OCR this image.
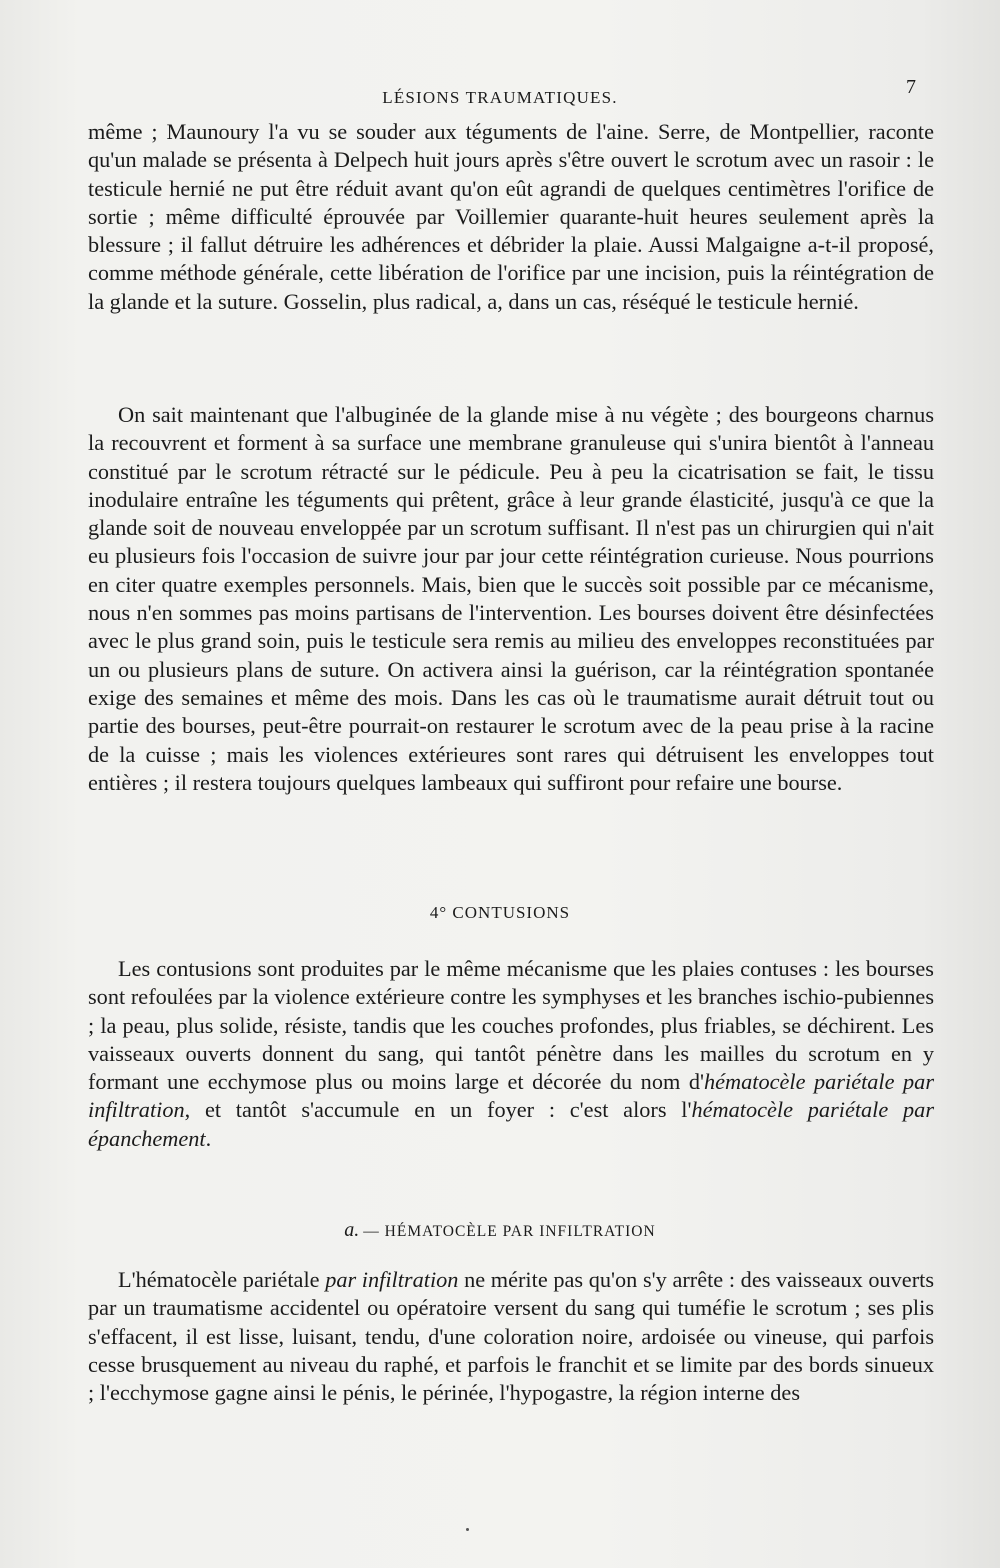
LÉSIONS TRAUMATIQUES.	7

même ; Maunoury l'a vu se souder aux téguments de l'aine. Serre, de Montpellier, raconte qu'un malade se présenta à Delpech huit jours après s'être ouvert le scrotum avec un rasoir : le testicule hernié ne put être réduit avant qu'on eût agrandi de quelques centimètres l'orifice de sortie ; même difficulté éprouvée par Voillemier quarante-huit heures seulement après la blessure ; il fallut détruire les adhérences et débrider la plaie. Aussi Malgaigne a-t-il proposé, comme méthode générale, cette libération de l'orifice par une incision, puis la réintégration de la glande et la suture. Gosselin, plus radical, a, dans un cas, réséqué le testicule hernié.

On sait maintenant que l'albuginée de la glande mise à nu végète ; des bourgeons charnus la recouvrent et forment à sa surface une membrane granuleuse qui s'unira bientôt à l'anneau constitué par le scrotum rétracté sur le pédicule. Peu à peu la cicatrisation se fait, le tissu inodulaire entraîne les téguments qui prêtent, grâce à leur grande élasticité, jusqu'à ce que la glande soit de nouveau enveloppée par un scrotum suffisant. Il n'est pas un chirurgien qui n'ait eu plusieurs fois l'occasion de suivre jour par jour cette réintégration curieuse. Nous pourrions en citer quatre exemples personnels. Mais, bien que le succès soit possible par ce mécanisme, nous n'en sommes pas moins partisans de l'intervention. Les bourses doivent être désinfectées avec le plus grand soin, puis le testicule sera remis au milieu des enveloppes reconstituées par un ou plusieurs plans de suture. On activera ainsi la guérison, car la réintégration spontanée exige des semaines et même des mois. Dans les cas où le traumatisme aurait détruit tout ou partie des bourses, peut-être pourrait-on restaurer le scrotum avec de la peau prise à la racine de la cuisse ; mais les violences extérieures sont rares qui détruisent les enveloppes tout entières ; il restera toujours quelques lambeaux qui suffiront pour refaire une bourse.

4° CONTUSIONS

Les contusions sont produites par le même mécanisme que les plaies contuses : les bourses sont refoulées par la violence extérieure contre les symphyses et les branches ischio-pubiennes ; la peau, plus solide, résiste, tandis que les couches profondes, plus friables, se déchirent. Les vaisseaux ouverts donnent du sang, qui tantôt pénètre dans les mailles du scrotum en y formant une ecchymose plus ou moins large et décorée du nom d'hématocèle pariétale par infiltration, et tantôt s'accumule en un foyer : c'est alors l'hématocèle pariétale par épanchement.

a. — HÉMATOCÈLE PAR INFILTRATION

L'hématocèle pariétale par infiltration ne mérite pas qu'on s'y arrête : des vaisseaux ouverts par un traumatisme accidentel ou opératoire versent du sang qui tuméfie le scrotum ; ses plis s'effacent, il est lisse, luisant, tendu, d'une coloration noire, ardoisée ou vineuse, qui parfois cesse brusquement au niveau du raphé, et parfois le franchit et se limite par des bords sinueux ; l'ecchymose gagne ainsi le pénis, le périnée, l'hypogastre, la région interne des
